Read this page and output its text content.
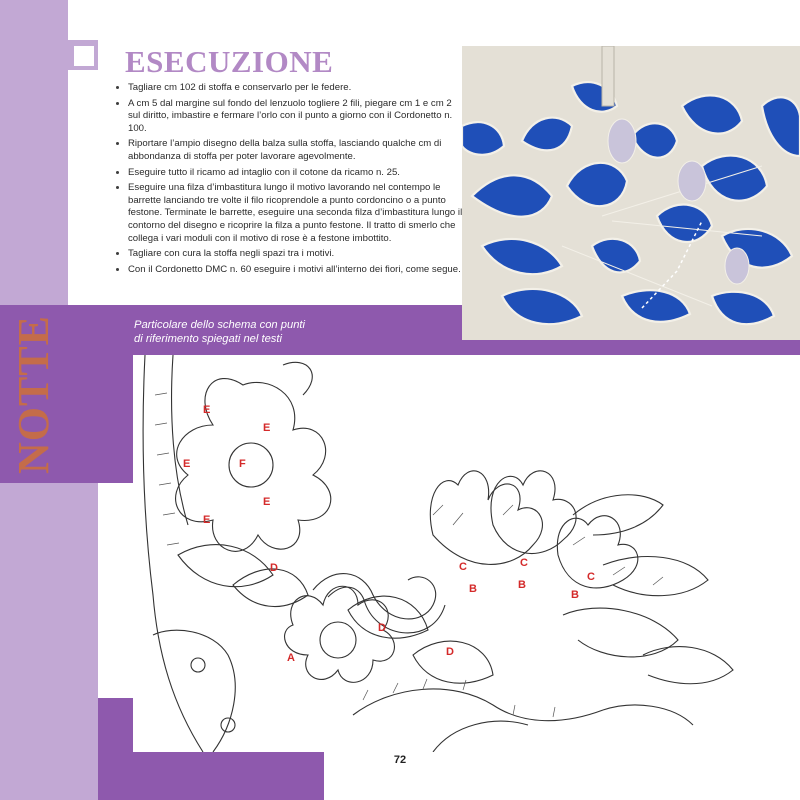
NOTTE
ESECUZIONE
• Tagliare cm 102 di stoffa e conservarlo per le federe.
• A cm 5 dal margine sul fondo del lenzuolo togliere 2 fili, piegare cm 1 e cm 2 sul diritto, imbastire e fermare l’orlo con il punto a giorno con il Cordonetto n. 100.
• Riportare l’ampio disegno della balza sulla stoffa, lasciando qualche cm di abbondanza di stoffa per poter lavorare agevolmente.
• Eseguire tutto il ricamo ad intaglio con il cotone da ricamo n. 25.
• Eseguire una filza d’imbastitura lungo il motivo lavorando nel contempo le barrette lanciando tre volte il filo ricoprendole a punto cordoncino o a punto festone. Terminate le barrette, eseguire una seconda filza d’imbastitura lungo il contorno del disegno e ricoprire la filza a punto festone. Il tratto di smerlo che collega i vari moduli con il motivo di rose è a festone imbottito.
• Tagliare con cura la stoffa negli spazi tra i motivi.
• Con il Cordonetto DMC n. 60 eseguire i motivi all’interno dei fiori, come segue.

Particolare dello schema con punti
di riferimento spiegati nel testi

E
E
E	F
E
E
D
D
D
A
C
B
C
B
C
B

72

PassionForum.ru
